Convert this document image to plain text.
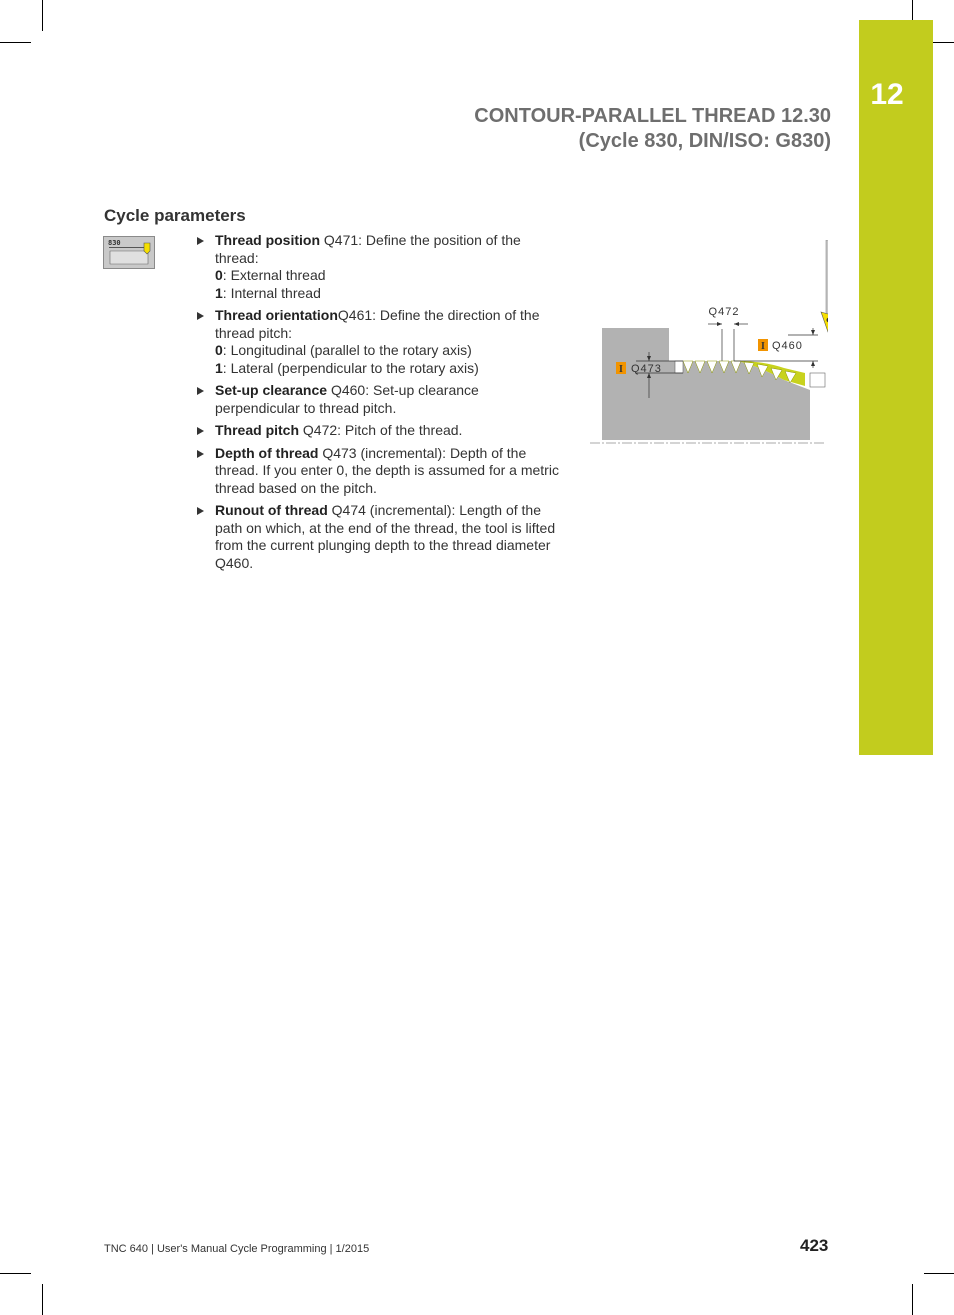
12
CONTOUR-PARALLEL THREAD 12.30
(Cycle 830, DIN/ISO: G830)
Cycle parameters
830	Thread position Q471: Define the position of the thread:
0: External thread
1: Internal thread
Thread orientationQ461: Define the direction of the thread pitch:
0: Longitudinal (parallel to the rotary axis)
1: Lateral (perpendicular to the rotary axis)
Set-up clearance Q460: Set-up clearance perpendicular to thread pitch.
Thread pitch Q472: Pitch of the thread.
Depth of thread Q473 (incremental): Depth of the thread. If you enter 0, the depth is assumed for a metric thread based on the pitch.
Runout of thread Q474 (incremental): Length of the path on which, at the end of the thread, the tool is lifted from the current plunging depth to the thread diameter Q460.
Q472
I Q460
I Q473
TNC 640 | User's Manual Cycle Programming | 1/2015	423
